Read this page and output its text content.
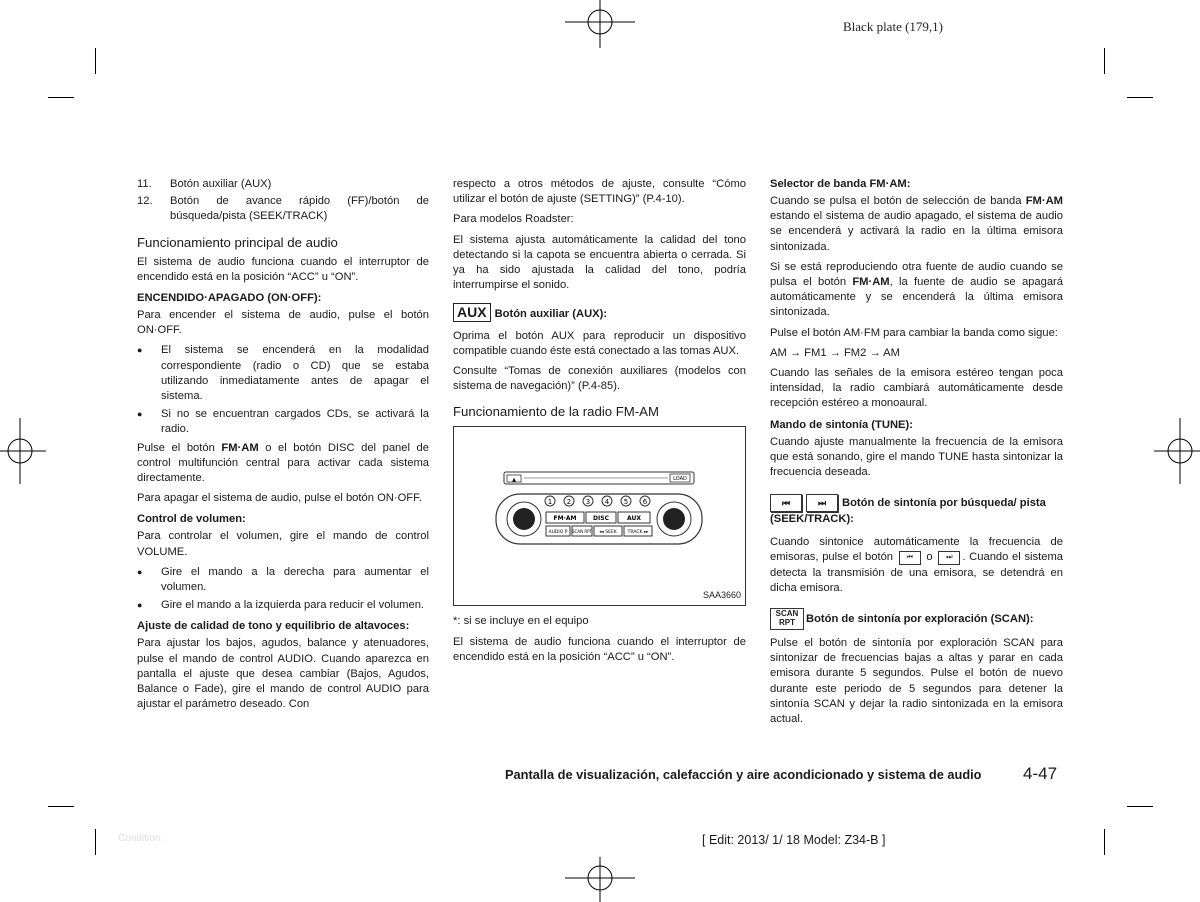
Black plate (179,1)
11.	Botón auxiliar (AUX)
12.	Botón de avance rápido (FF)/botón de búsqueda/pista (SEEK/TRACK)
Funcionamiento principal de audio

El sistema de audio funciona cuando el interruptor de encendido está en la posición “ACC” u “ON”.

ENCENDIDO·APAGADO (ON·OFF):

Para encender el sistema de audio, pulse el botón ON·OFF.

●	El sistema se encenderá en la modalidad correspondiente (radio o CD) que se estaba utilizando inmediatamente antes de apagar el sistema.
●	Si no se encuentran cargados CDs, se activará la radio.

Pulse el botón FM·AM o el botón DISC del panel de control multifunción central para activar cada sistema directamente.

Para apagar el sistema de audio, pulse el botón ON·OFF.

Control de volumen:

Para controlar el volumen, gire el mando de control VOLUME.

●	Gire el mando a la derecha para aumentar el volumen.
●	Gire el mando a la izquierda para reducir el volumen.
Ajuste de calidad de tono y equilibrio de altavoces:

Para ajustar los bajos, agudos, balance y atenuadores, pulse el mando de control AUDIO. Cuando aparezca en pantalla el ajuste que desea cambiar (Bajos, Agudos, Balance o Fade), gire el mando de control AUDIO para ajustar el parámetro deseado. Con

respecto a otros métodos de ajuste, consulte “Cómo utilizar el botón de ajuste (SETTING)” (P.4-10).

Para modelos Roadster:

El sistema ajusta automáticamente la calidad del tono detectando si la capota se encuentra abierta o cerrada. Si ya ha sido ajustada la calidad del tono, podría interrumpirse el sonido.

AUX Botón auxiliar (AUX):

Oprima el botón AUX para reproducir un dispositivo compatible cuando éste está conectado a las tomas AUX.

Consulte “Tomas de conexión auxiliares (modelos con sistema de navegación)” (P.4-85).

Funcionamiento de la radio FM-AM
▲	LOAD
1 2 3 4 5 6
FM·AM	DISC	AUX
AUDIO P SCAN RPT ◂◂ SEEK TRACK ▸▸
SAA3660

*: si se incluye en el equipo

El sistema de audio funciona cuando el interruptor de encendido está en la posición “ACC” u “ON”.

Selector de banda FM·AM:

Cuando se pulsa el botón de selección de banda FM·AM estando el sistema de audio apagado, el sistema de audio se encenderá y activará la radio en la última emisora sintonizada.

Si se está reproduciendo otra fuente de audio cuando se pulsa el botón FM·AM, la fuente de audio se apagará automáticamente y se encenderá la última emisora sintonizada.

Pulse el botón AM·FM para cambiar la banda como sigue:

AM → FM1 → FM2 → AM

Cuando las señales de la emisora estéreo tengan poca intensidad, la radio cambiará automáticamente desde recepción estéreo a monoaural.

Mando de sintonía (TUNE):

Cuando ajuste manualmente la frecuencia de la emisora que está sonando, gire el mando TUNE hasta sintonizar la frecuencia deseada.

⏮	⏭ Botón de sintonía por búsqueda/ pista (SEEK/TRACK):

Cuando sintonice automáticamente la frecuencia de emisoras, pulse el botón ⏮ o ⏭ . Cuando el sistema detecta la transmisión de una emisora, se detendrá en dicha emisora.

SCAN
RPT Botón de sintonía por exploración (SCAN):

Pulse el botón de sintonía por exploración SCAN para sintonizar de frecuencias bajas a altas y parar en cada emisora durante 5 segundos. Pulse el botón de nuevo durante este periodo de 5 segundos para detener la sintonía SCAN y dejar la radio sintonizada en la emisora actual.

Pantalla de visualización, calefacción y aire acondicionado y sistema de audio 4-47
Condition:	[ Edit: 2013/ 1/ 18 Model: Z34-B ]
